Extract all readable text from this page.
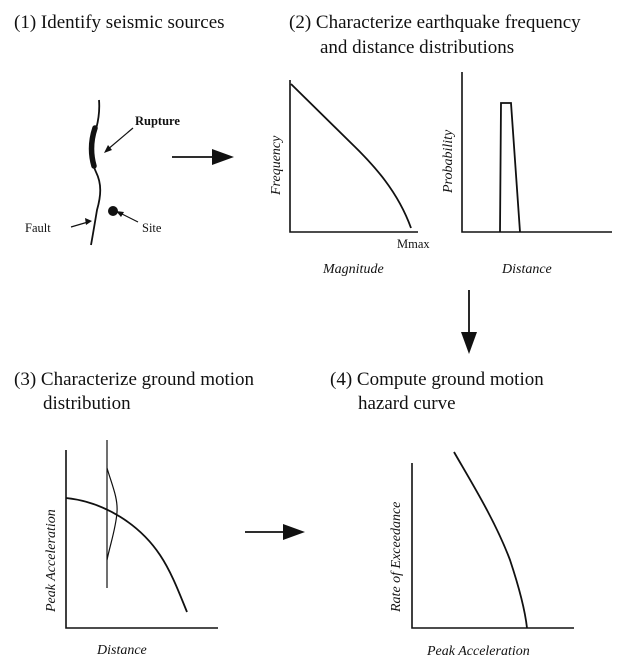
(1) Identify seismic sources	(2) Characterize earthquake frequency
and distance distributions
(3) Characterize ground motion
distribution
(4) Compute ground motion
hazard curve
Rupture
Fault	Site
Mmax
Magnitude
Frequency
Distance
Probability
Distance
Peak Acceleration
Peak Acceleration
Rate of Exceedance
